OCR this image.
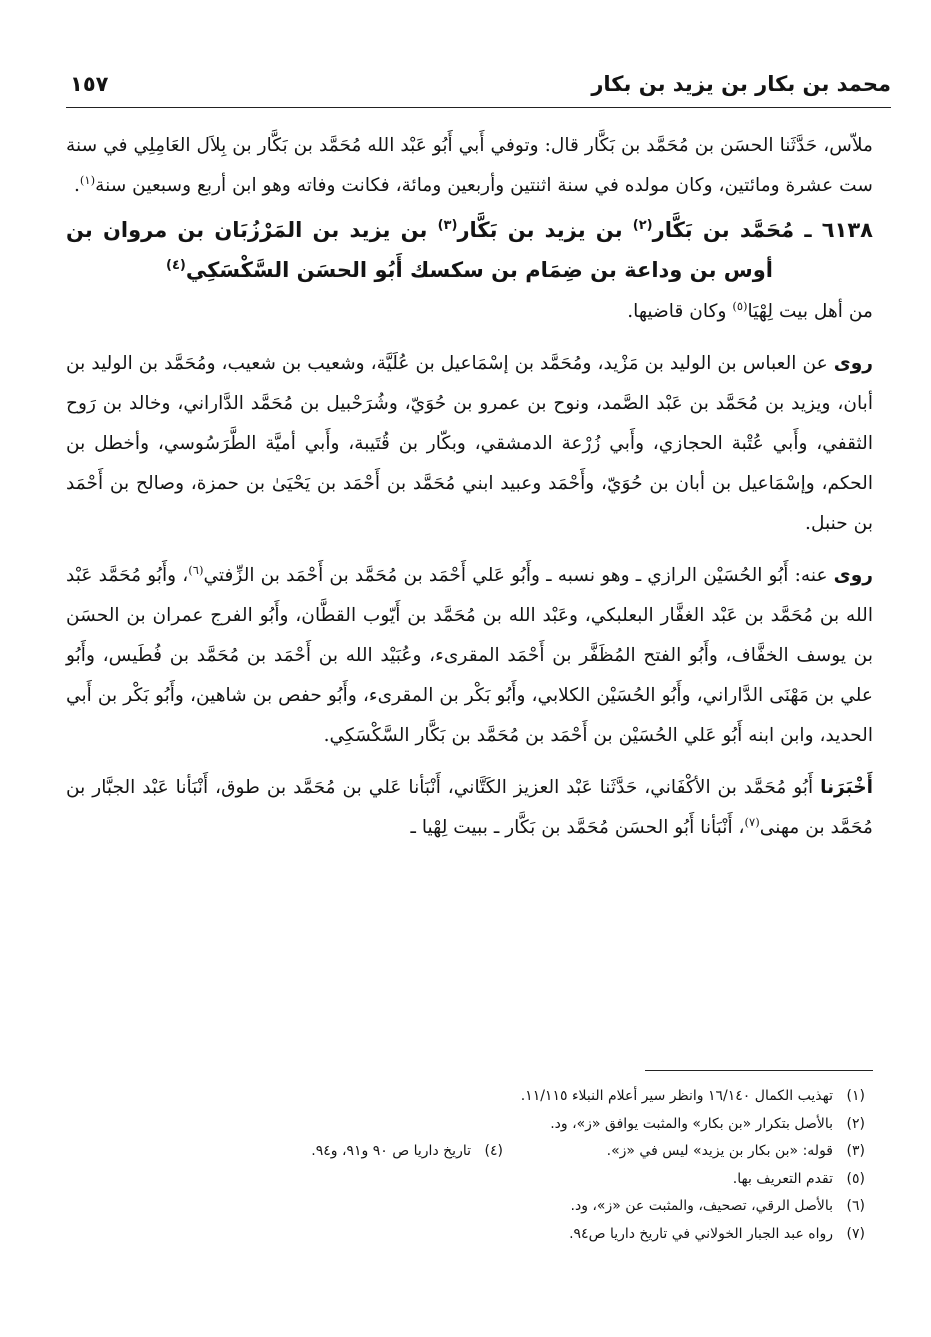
محمد بن بكار بن يزيد بن بكار
١٥٧

ملاّس، حَدَّثَنا الحسَن بن مُحَمَّد بن بَكَّار قال: وتوفي أَبي أَبُو عَبْد الله مُحَمَّد بن بَكَّار بن بِلاَل العَامِلِي في سنة ست عشرة ومائتين، وكان مولده في سنة اثنتين وأربعين ومائة، فكانت وفاته وهو ابن أربع وسبعين سنة$^{(١)}$.

٦١٣٨ ـ مُحَمَّد بن بَكَّار$^{(٢)}$ بن يزيد بن بَكَّار$^{(٣)}$ بن يزيد بن المَرْزُبَان بن مروان بن
أوس بن وداعة بن ضِمَام بن سكسك أَبُو الحسَن السَّكْسَكِي$^{(٤)}$

من أهل بيت لِهْيَا$^{(٥)}$ وكان قاضيها.

روى عن العباس بن الوليد بن مَزْيد، ومُحَمَّد بن إسْمَاعيل بن عُلَيَّة، وشعيب بن شعيب، ومُحَمَّد بن الوليد بن أبان، ويزيد بن مُحَمَّد بن عَبْد الصَّمد، ونوح بن عمرو بن حُوَيّ، وشُرَحْبيل بن مُحَمَّد الدَّاراني، وخالد بن رَوح الثقفي، وأَبي عُتْبة الحجازي، وأَبي زُرْعة الدمشقي، وبكّار بن قُتَيبة، وأَبي أميَّة الطَّرَسُوسي، وأخطل بن الحكم، وإسْمَاعيل بن أبان بن حُوَيّ، وأَحْمَد وعبيد ابني مُحَمَّد بن أَحْمَد بن يَحْيَىٰ بن حمزة، وصالح بن أَحْمَد بن حنبل.

روى عنه: أَبُو الحُسَيْن الرازي ـ وهو نسبه ـ وأَبُو عَلي أَحْمَد بن مُحَمَّد بن أَحْمَد بن الزِّفتي$^{(٦)}$، وأَبُو مُحَمَّد عَبْد الله بن مُحَمَّد بن عَبْد الغفَّار البعلبكي، وعَبْد الله بن مُحَمَّد بن أَيّوب القطَّان، وأَبُو الفرج عمران بن الحسَن بن يوسف الخفَّاف، وأَبُو الفتح المُظَفَّر بن أَحْمَد المقرىء، وعُبَيْد الله بن أَحْمَد بن مُحَمَّد بن فُطَيس، وأَبُو علي بن مَهْنَى الدَّاراني، وأَبُو الحُسَيْن الكلابي، وأَبُو بَكْر بن المقرىء، وأَبُو حفص بن شاهين، وأَبُو بَكْر بن أَبي الحديد، وابن ابنه أَبُو عَلي الحُسَيْن بن أَحْمَد بن مُحَمَّد بن بَكَّار السَّكْسَكِي.

أَخْبَرَنا أَبُو مُحَمَّد بن الأكْفَاني، حَدَّثَنا عَبْد العزيز الكَتَّاني، أَنْبَأنا عَلي بن مُحَمَّد بن طوق، أَنْبَأنا عَبْد الجبَّار بن مُحَمَّد بن مهنى$^{(٧)}$، أَنْبَأنا أَبُو الحسَن مُحَمَّد بن بَكَّار ـ ببيت لِهْيا ـ

(١)
تهذيب الكمال ١٦/١٤٠ وانظر سير أعلام النبلاء ١١/١١٥.
(٢)
بالأصل بتكرار «بن بكار» والمثبت يوافق «ز»، ود.
(٣)
قوله: «بن بكار بن يزيد» ليس في «ز».
(٤)
تاريخ داريا ص ٩٠ و٩١، و٩٤.
(٥)
تقدم التعريف بها.
(٦)
بالأصل الرقي، تصحيف، والمثبت عن «ز»، ود.
(٧)
رواه عبد الجبار الخولاني في تاريخ داريا ص٩٤.
